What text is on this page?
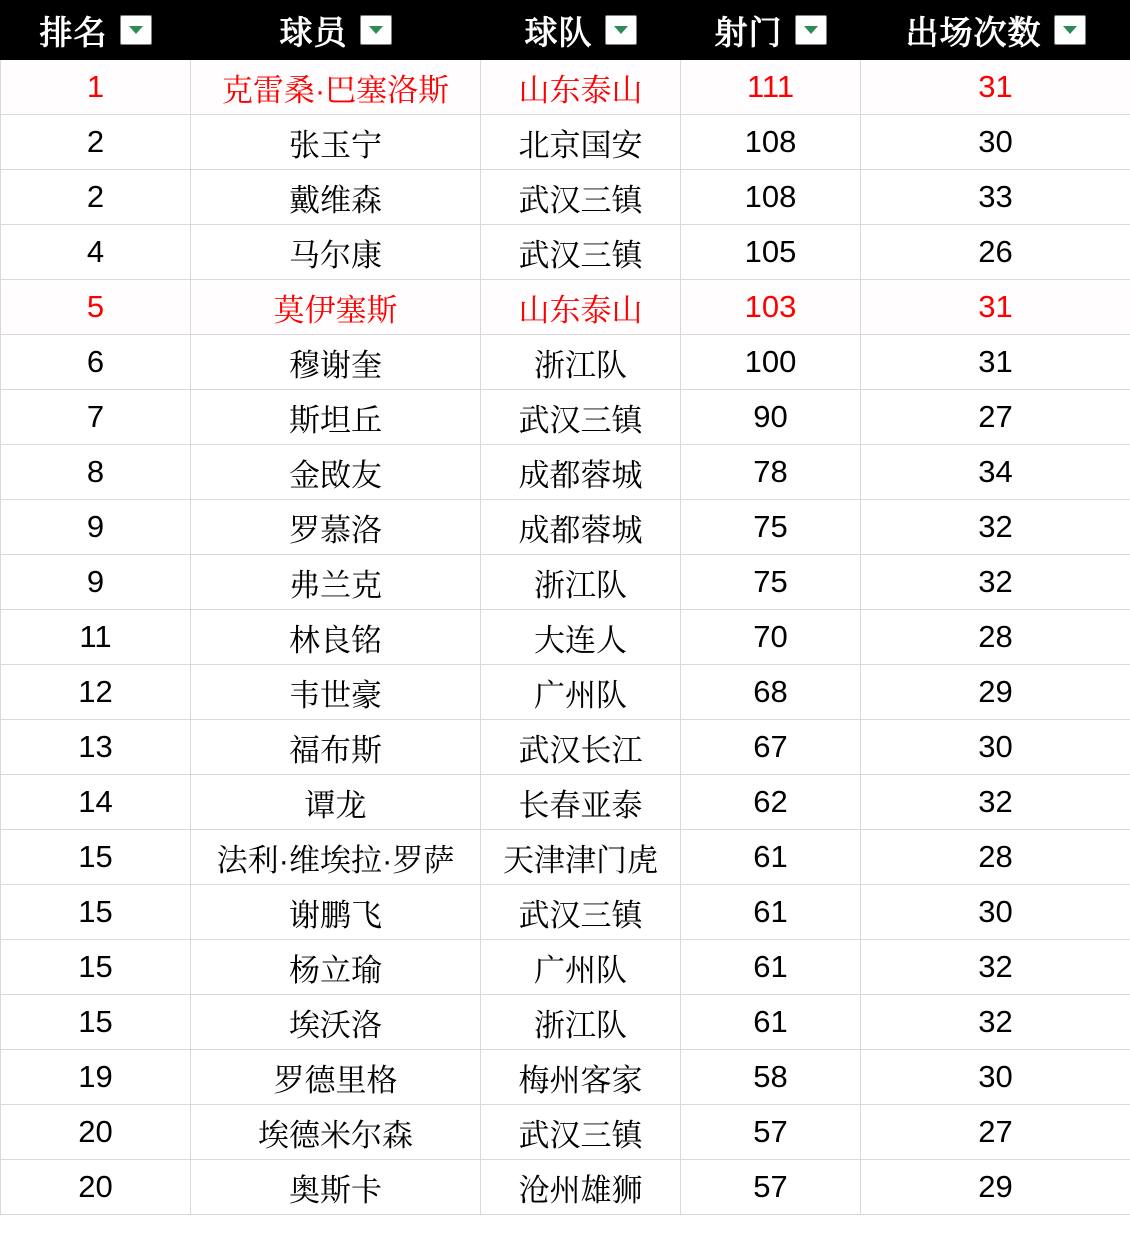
排名	球员	球队	射门	出场次数

1	克雷桑·巴塞洛斯	山东泰山	111	31
2	张玉宁	北京国安	108	30
2	戴维森	武汉三镇	108	33
4	马尔康	武汉三镇	105	26
5	莫伊塞斯	山东泰山	103	31
6	穆谢奎	浙江队	100	31
7	斯坦丘	武汉三镇	90	27
8	金敃友	成都蓉城	78	34
9	罗慕洛	成都蓉城	75	32
9	弗兰克	浙江队	75	32
11	林良铭	大连人	70	28
12	韦世豪	广州队	68	29
13	福布斯	武汉长江	67	30
14	谭龙	长春亚泰	62	32
15	法利·维埃拉·罗萨	天津津门虎	61	28
15	谢鹏飞	武汉三镇	61	30
15	杨立瑜	广州队	61	32
15	埃沃洛	浙江队	61	32
19	罗德里格	梅州客家	58	30
20	埃德米尔森	武汉三镇	57	27
20	奥斯卡	沧州雄狮	57	29
